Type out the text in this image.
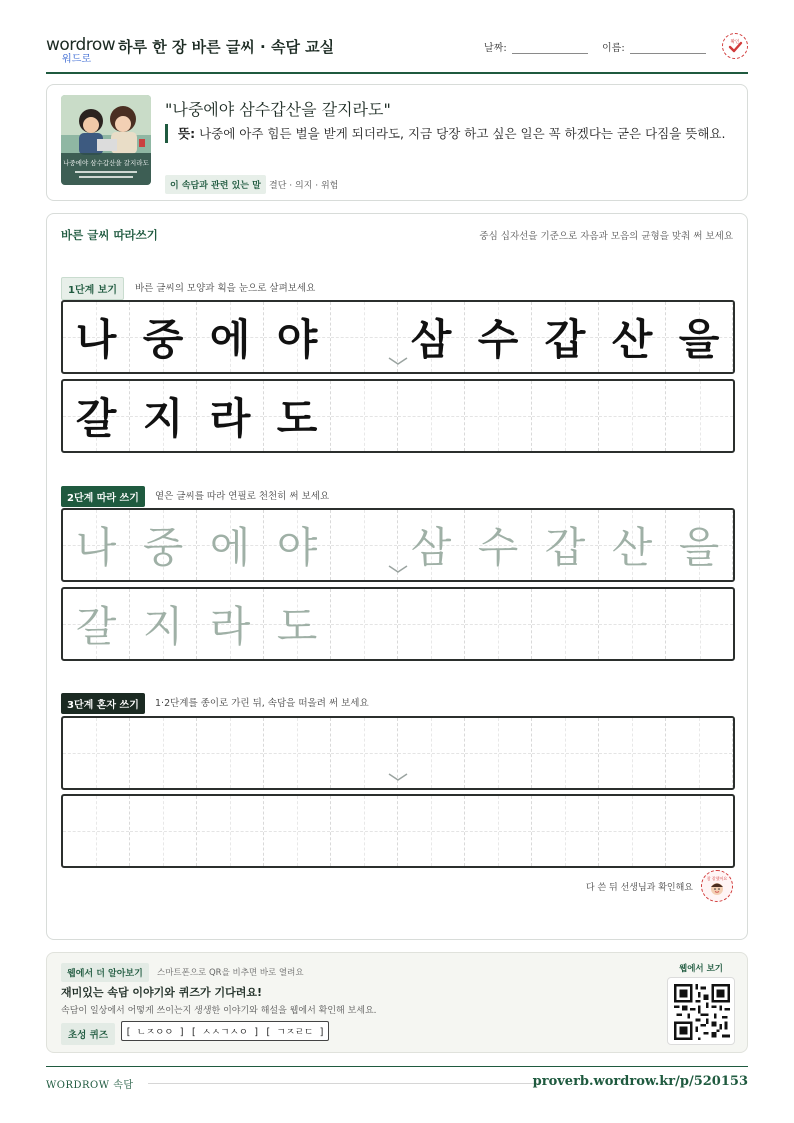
wordrow
워드로
하루 한 장 바른 글씨 · 속담 교실	날짜:	이름:
확인
나중에야 삼수갑산을 갈지라도
"나중에야 삼수갑산을 갈지라도"
뜻: 나중에 아주 힘든 벌을 받게 되더라도, 지금 당장 하고 싶은 일은 꼭 하겠다는 굳은 다짐을 뜻해요.
이 속담과 관련 있는 말 결단 · 의지 · 위험
바른 글씨 따라쓰기	중심 십자선을 기준으로 자음과 모음의 균형을 맞춰 써 보세요
1단계 보기	바른 글씨의 모양과 획을 눈으로 살펴보세요
나 중 에 야 삼 수 갑 산 을
갈 지 라 도
2단계 따라 쓰기	옅은 글씨를 따라 연필로 천천히 써 보세요
나 중 에 야 삼 수 갑 산 을
갈 지 라 도
3단계 혼자 쓰기	1·2단계를 종이로 가린 뒤, 속담을 떠올려 써 보세요
다 쓴 뒤 선생님과 확인해요
참 잘했어요
웹에서 더 알아보기	스마트폰으로 QR을 비추면 바로 열려요
재미있는 속담 이야기와 퀴즈가 기다려요!
속담이 일상에서 어떻게 쓰이는지 생생한 이야기와 해설을 웹에서 확인해 보세요.
초성 퀴즈	[ ㄴㅈㅇㅇ ] [ ㅅㅅㄱㅅㅇ ] [ ㄱㅈㄹㄷ ]
웹에서 보기
WORDROW 속담	proverb.wordrow.kr/p/520153
